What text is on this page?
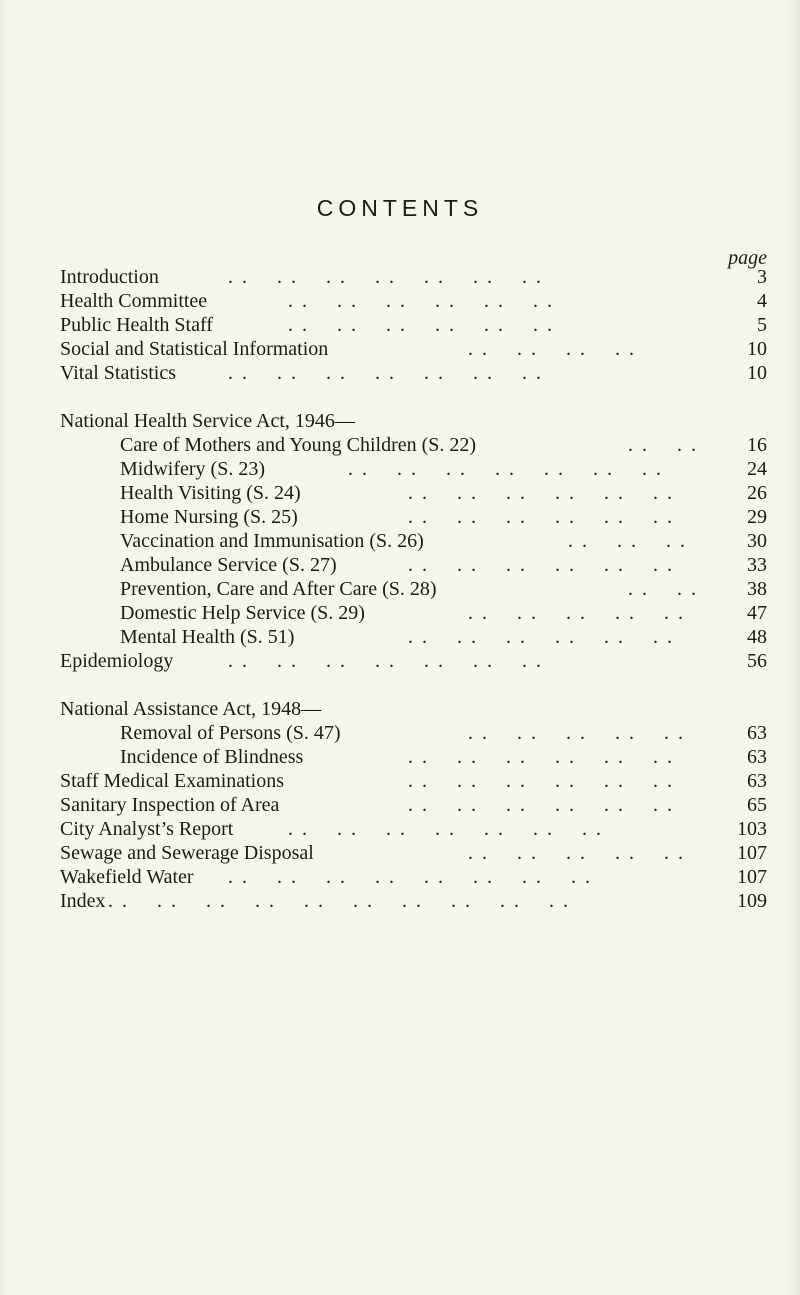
CONTENTS
page
Introduction	. .    . .    . .    . .    . .    . .    . .	3
Health Committee	. .    . .    . .    . .    . .    . .	4
Public Health Staff	. .    . .    . .    . .    . .    . .	5
Social and Statistical Information	. .    . .    . .    . .	10
Vital Statistics	. .    . .    . .    . .    . .    . .    . .	10
National Health Service Act, 1946—
Care of Mothers and Young Children (S. 22)	. .    . . 16
Midwifery (S. 23)	. .    . .    . .    . .    . .    . .    . .	24
Health Visiting (S. 24)	. .    . .    . .    . .    . .    . .	26
Home Nursing (S. 25)	. .    . .    . .    . .    . .    . .	29
Vaccination and Immunisation (S. 26)	. .    . .    . .	30
Ambulance Service (S. 27)	. .    . .    . .    . .    . .    . .	33
Prevention, Care and After Care (S. 28)	. .    . . 38
Domestic Help Service (S. 29)	. .    . .    . .    . .    . .	47
Mental Health (S. 51)	. .    . .    . .    . .    . .    . .	48
Epidemiology	. .    . .    . .    . .    . .    . .    . .	56
National Assistance Act, 1948—
Removal of Persons (S. 47)	. .    . .    . .    . .    . .	63
Incidence of Blindness	. .    . .    . .    . .    . .    . .	63
Staff Medical Examinations	. .    . .    . .    . .    . .    . .	63
Sanitary Inspection of Area	. .    . .    . .    . .    . .    . .	65
City Analyst’s Report	. .    . .    . .    . .    . .    . .    . .	103
Sewage and Sewerage Disposal	. .    . .    . .    . .    . .	107
Wakefield Water . .    . .    . .    . .    . .    . .    . .    . .	107
Index . .    . .    . .    . .    . .    . .    . .    . .    . .    . .	109
